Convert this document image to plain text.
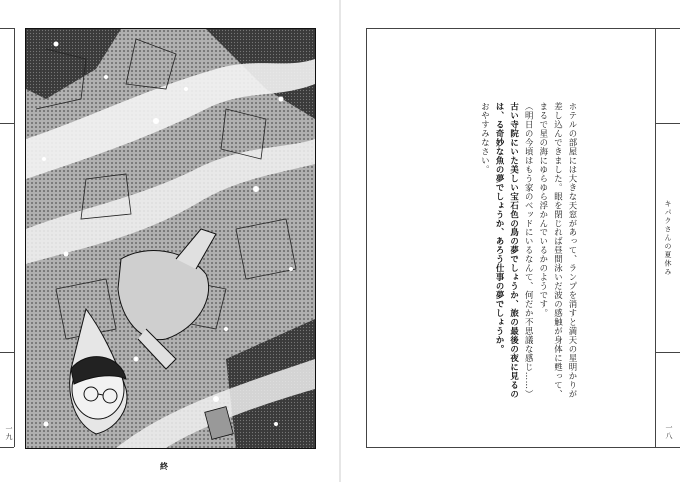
一九
終
キパクさんの夏休み
一八

ホテルの部屋には大きな天窓があって、ランプを消すと満天の星明かりが差し込んできました。眼を閉じれば昼間泳いだ波の感触が身体に甦って、まるで星の海にゆらゆら浮かんでいるかのようです。

（明日の今頃はもう家のベッドにいるなんて、何だか不思議な感じ……）

古い寺院にいた美しい宝石色の鳥の夢でしょうか、旅の最後の夜に見るのは、る奇妙な魚の夢でしょうか、あろう仕事の夢でしょうか。

おやすみなさい。
